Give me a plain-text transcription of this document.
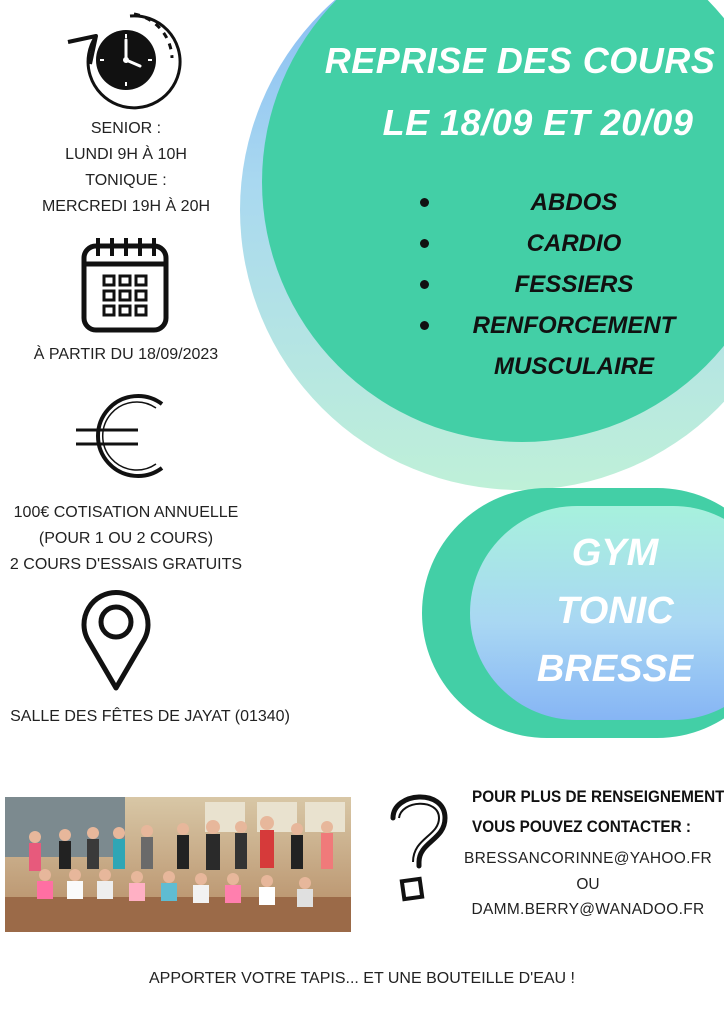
REPRISE DES COURS
LE 18/09 ET 20/09
ABDOS
CARDIO
FESSIERS
RENFORCEMENT
MUSCULAIRE
GYM
TONIC
BRESSE
SENIOR :
LUNDI 9H À 10H
TONIQUE :
MERCREDI 19H À 20H
À PARTIR DU 18/09/2023
100€ COTISATION ANNUELLE
(POUR 1 OU 2 COURS)
2 COURS D'ESSAIS GRATUITS
SALLE DES FÊTES DE JAYAT (01340)
POUR PLUS DE RENSEIGNEMENT
VOUS POUVEZ CONTACTER :
BRESSANCORINNE@YAHOO.FR
OU
DAMM.BERRY@WANADOO.FR
APPORTER VOTRE TAPIS... ET UNE BOUTEILLE D'EAU !
